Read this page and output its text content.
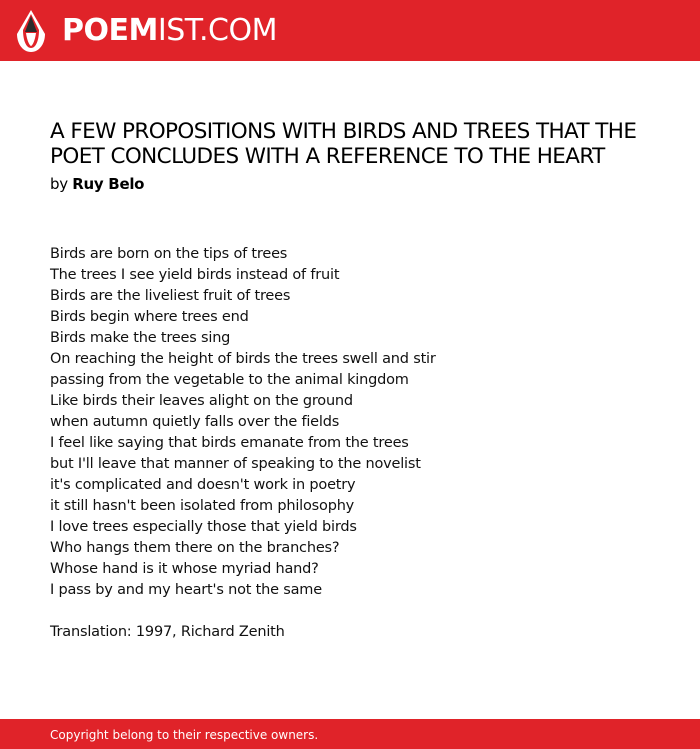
POEMIST.COM
A FEW PROPOSITIONS WITH BIRDS AND TREES THAT THE POET CONCLUDES WITH A REFERENCE TO THE HEART
by Ruy Belo
Birds are born on the tips of trees
The trees I see yield birds instead of fruit
Birds are the liveliest fruit of trees
Birds begin where trees end
Birds make the trees sing
On reaching the height of birds the trees swell and stir
passing from the vegetable to the animal kingdom
Like birds their leaves alight on the ground
when autumn quietly falls over the fields
I feel like saying that birds emanate from the trees
but I'll leave that manner of speaking to the novelist
it's complicated and doesn't work in poetry
it still hasn't been isolated from philosophy
I love trees especially those that yield birds
Who hangs them there on the branches?
Whose hand is it whose myriad hand?
I pass by and my heart's not the same
Translation: 1997, Richard Zenith
Copyright belong to their respective owners.
